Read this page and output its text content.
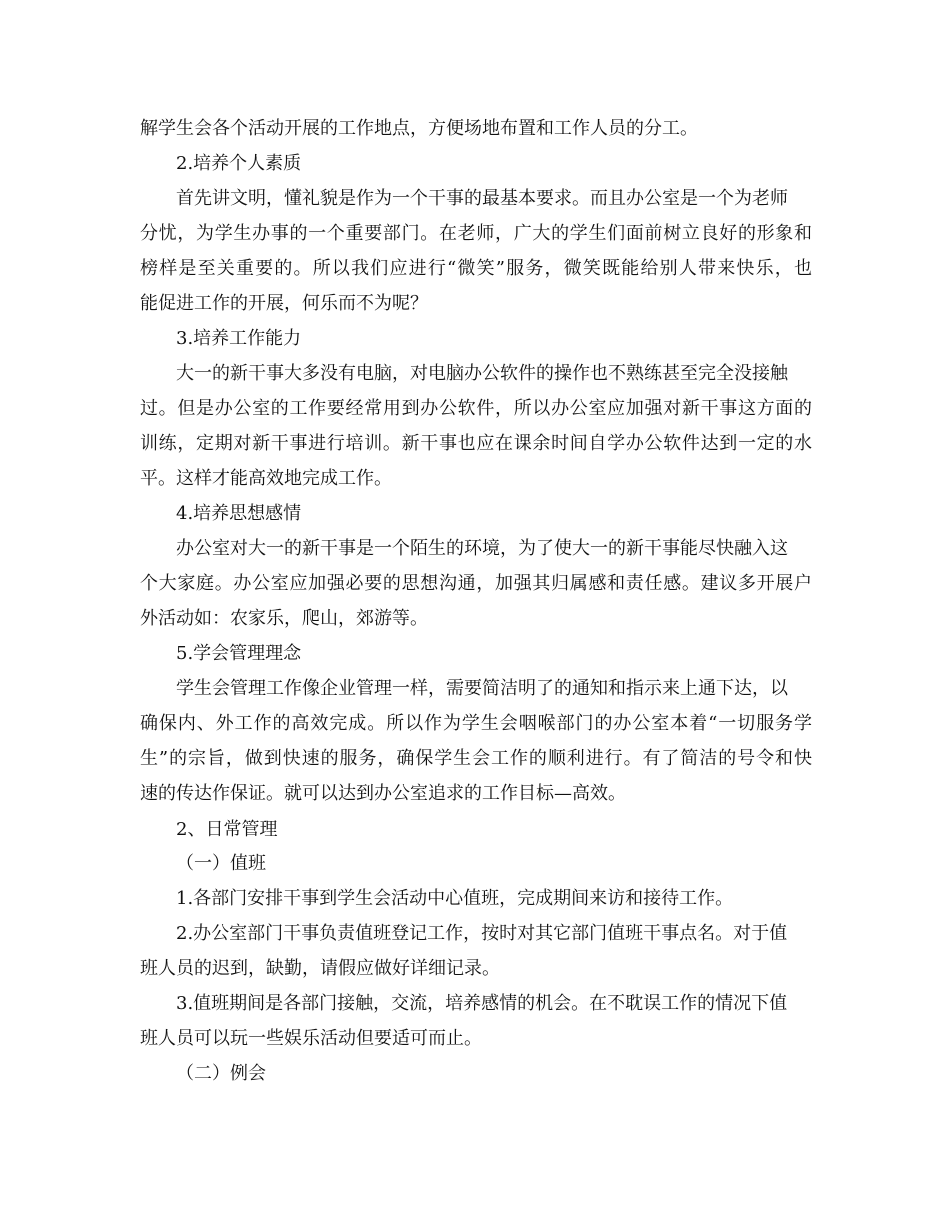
解学生会各个活动开展的工作地点，方便场地布置和工作人员的分工。
2.培养个人素质
首先讲文明，懂礼貌是作为一个干事的最基本要求。而且办公室是一个为老师
分忧，为学生办事的一个重要部门。在老师，广大的学生们面前树立良好的形象和
榜样是至关重要的。所以我们应进行“微笑”服务，微笑既能给别人带来快乐，也
能促进工作的开展，何乐而不为呢？
3.培养工作能力
大一的新干事大多没有电脑，对电脑办公软件的操作也不熟练甚至完全没接触
过。但是办公室的工作要经常用到办公软件，所以办公室应加强对新干事这方面的
训练，定期对新干事进行培训。新干事也应在课余时间自学办公软件达到一定的水
平。这样才能高效地完成工作。
4.培养思想感情
办公室对大一的新干事是一个陌生的环境，为了使大一的新干事能尽快融入这
个大家庭。办公室应加强必要的思想沟通，加强其归属感和责任感。建议多开展户
外活动如：农家乐，爬山，郊游等。
5.学会管理理念
学生会管理工作像企业管理一样，需要简洁明了的通知和指示来上通下达，以
确保内、外工作的高效完成。所以作为学生会咽喉部门的办公室本着“一切服务学
生”的宗旨，做到快速的服务，确保学生会工作的顺利进行。有了简洁的号令和快
速的传达作保证。就可以达到办公室追求的工作目标—高效。
2、日常管理
（一）值班
1.各部门安排干事到学生会活动中心值班，完成期间来访和接待工作。
2.办公室部门干事负责值班登记工作，按时对其它部门值班干事点名。对于值
班人员的迟到，缺勤，请假应做好详细记录。
3.值班期间是各部门接触，交流，培养感情的机会。在不耽误工作的情况下值
班人员可以玩一些娱乐活动但要适可而止。
（二）例会
